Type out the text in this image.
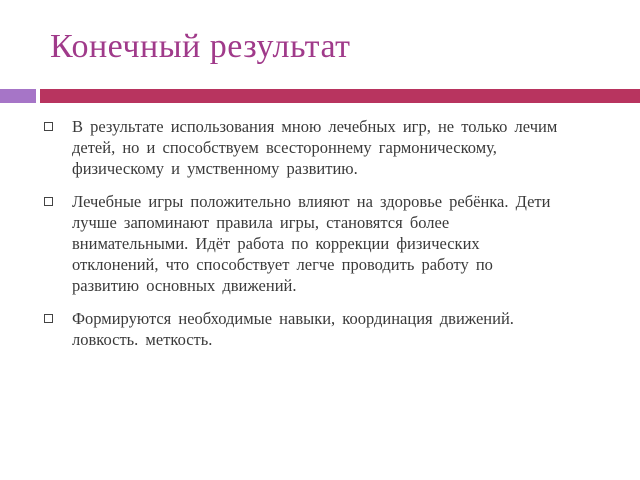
Конечный результат
В результате использования мною лечебных игр, не только лечим
детей, но и способствуем всестороннему гармоническому,
физическому и умственному развитию.
Лечебные игры положительно влияют на здоровье ребёнка. Дети
лучше запоминают правила игры, становятся более
внимательными. Идёт работа по коррекции физических
отклонений, что способствует легче проводить работу по
развитию основных движений.
Формируются необходимые навыки, координация движений.
ловкость. меткость.
